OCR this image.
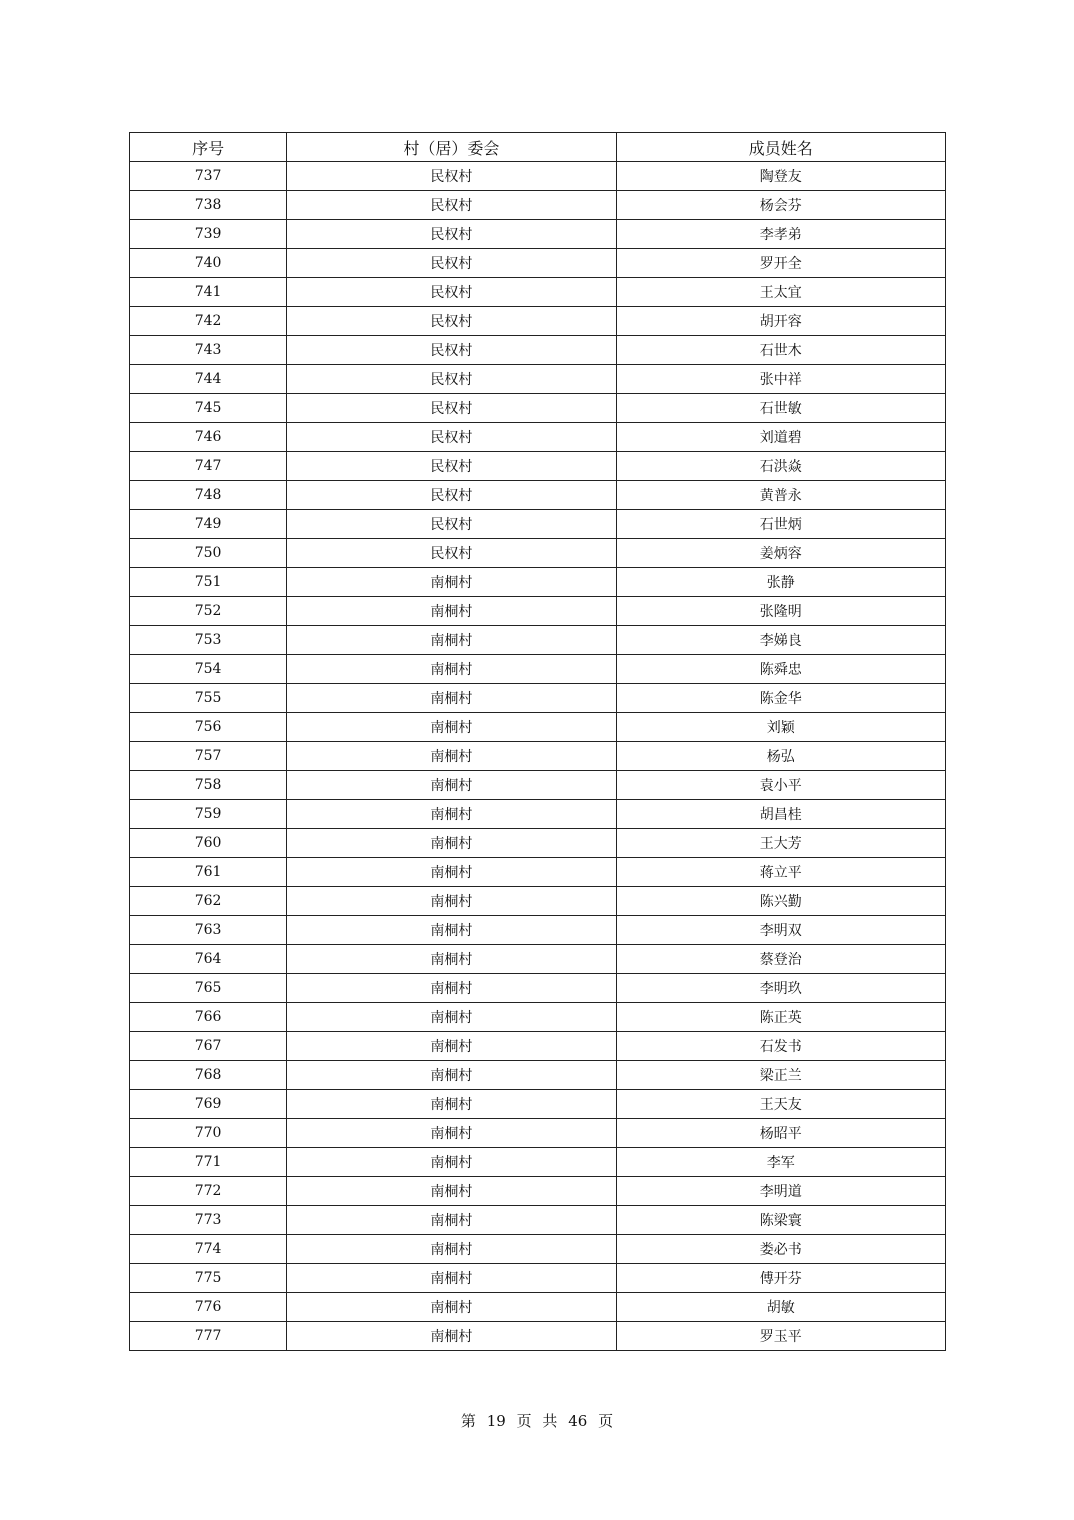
序号	村（居）委会	成员姓名
737	民权村	陶登友
738	民权村	杨会芬
739	民权村	李孝弟
740	民权村	罗开全
741	民权村	王太宜
742	民权村	胡开容
743	民权村	石世木
744	民权村	张中祥
745	民权村	石世敏
746	民权村	刘道碧
747	民权村	石洪焱
748	民权村	黄普永
749	民权村	石世炳
750	民权村	姜炳容
751	南桐村	张静
752	南桐村	张隆明
753	南桐村	李娣良
754	南桐村	陈舜忠
755	南桐村	陈金华
756	南桐村	刘颖
757	南桐村	杨弘
758	南桐村	袁小平
759	南桐村	胡昌桂
760	南桐村	王大芳
761	南桐村	蒋立平
762	南桐村	陈兴勤
763	南桐村	李明双
764	南桐村	蔡登治
765	南桐村	李明玖
766	南桐村	陈正英
767	南桐村	石发书
768	南桐村	梁正兰
769	南桐村	王天友
770	南桐村	杨昭平
771	南桐村	李军
772	南桐村	李明道
773	南桐村	陈梁寰
774	南桐村	娄必书
775	南桐村	傅开芬
776	南桐村	胡敏
777	南桐村	罗玉平
第 19 页 共 46 页
